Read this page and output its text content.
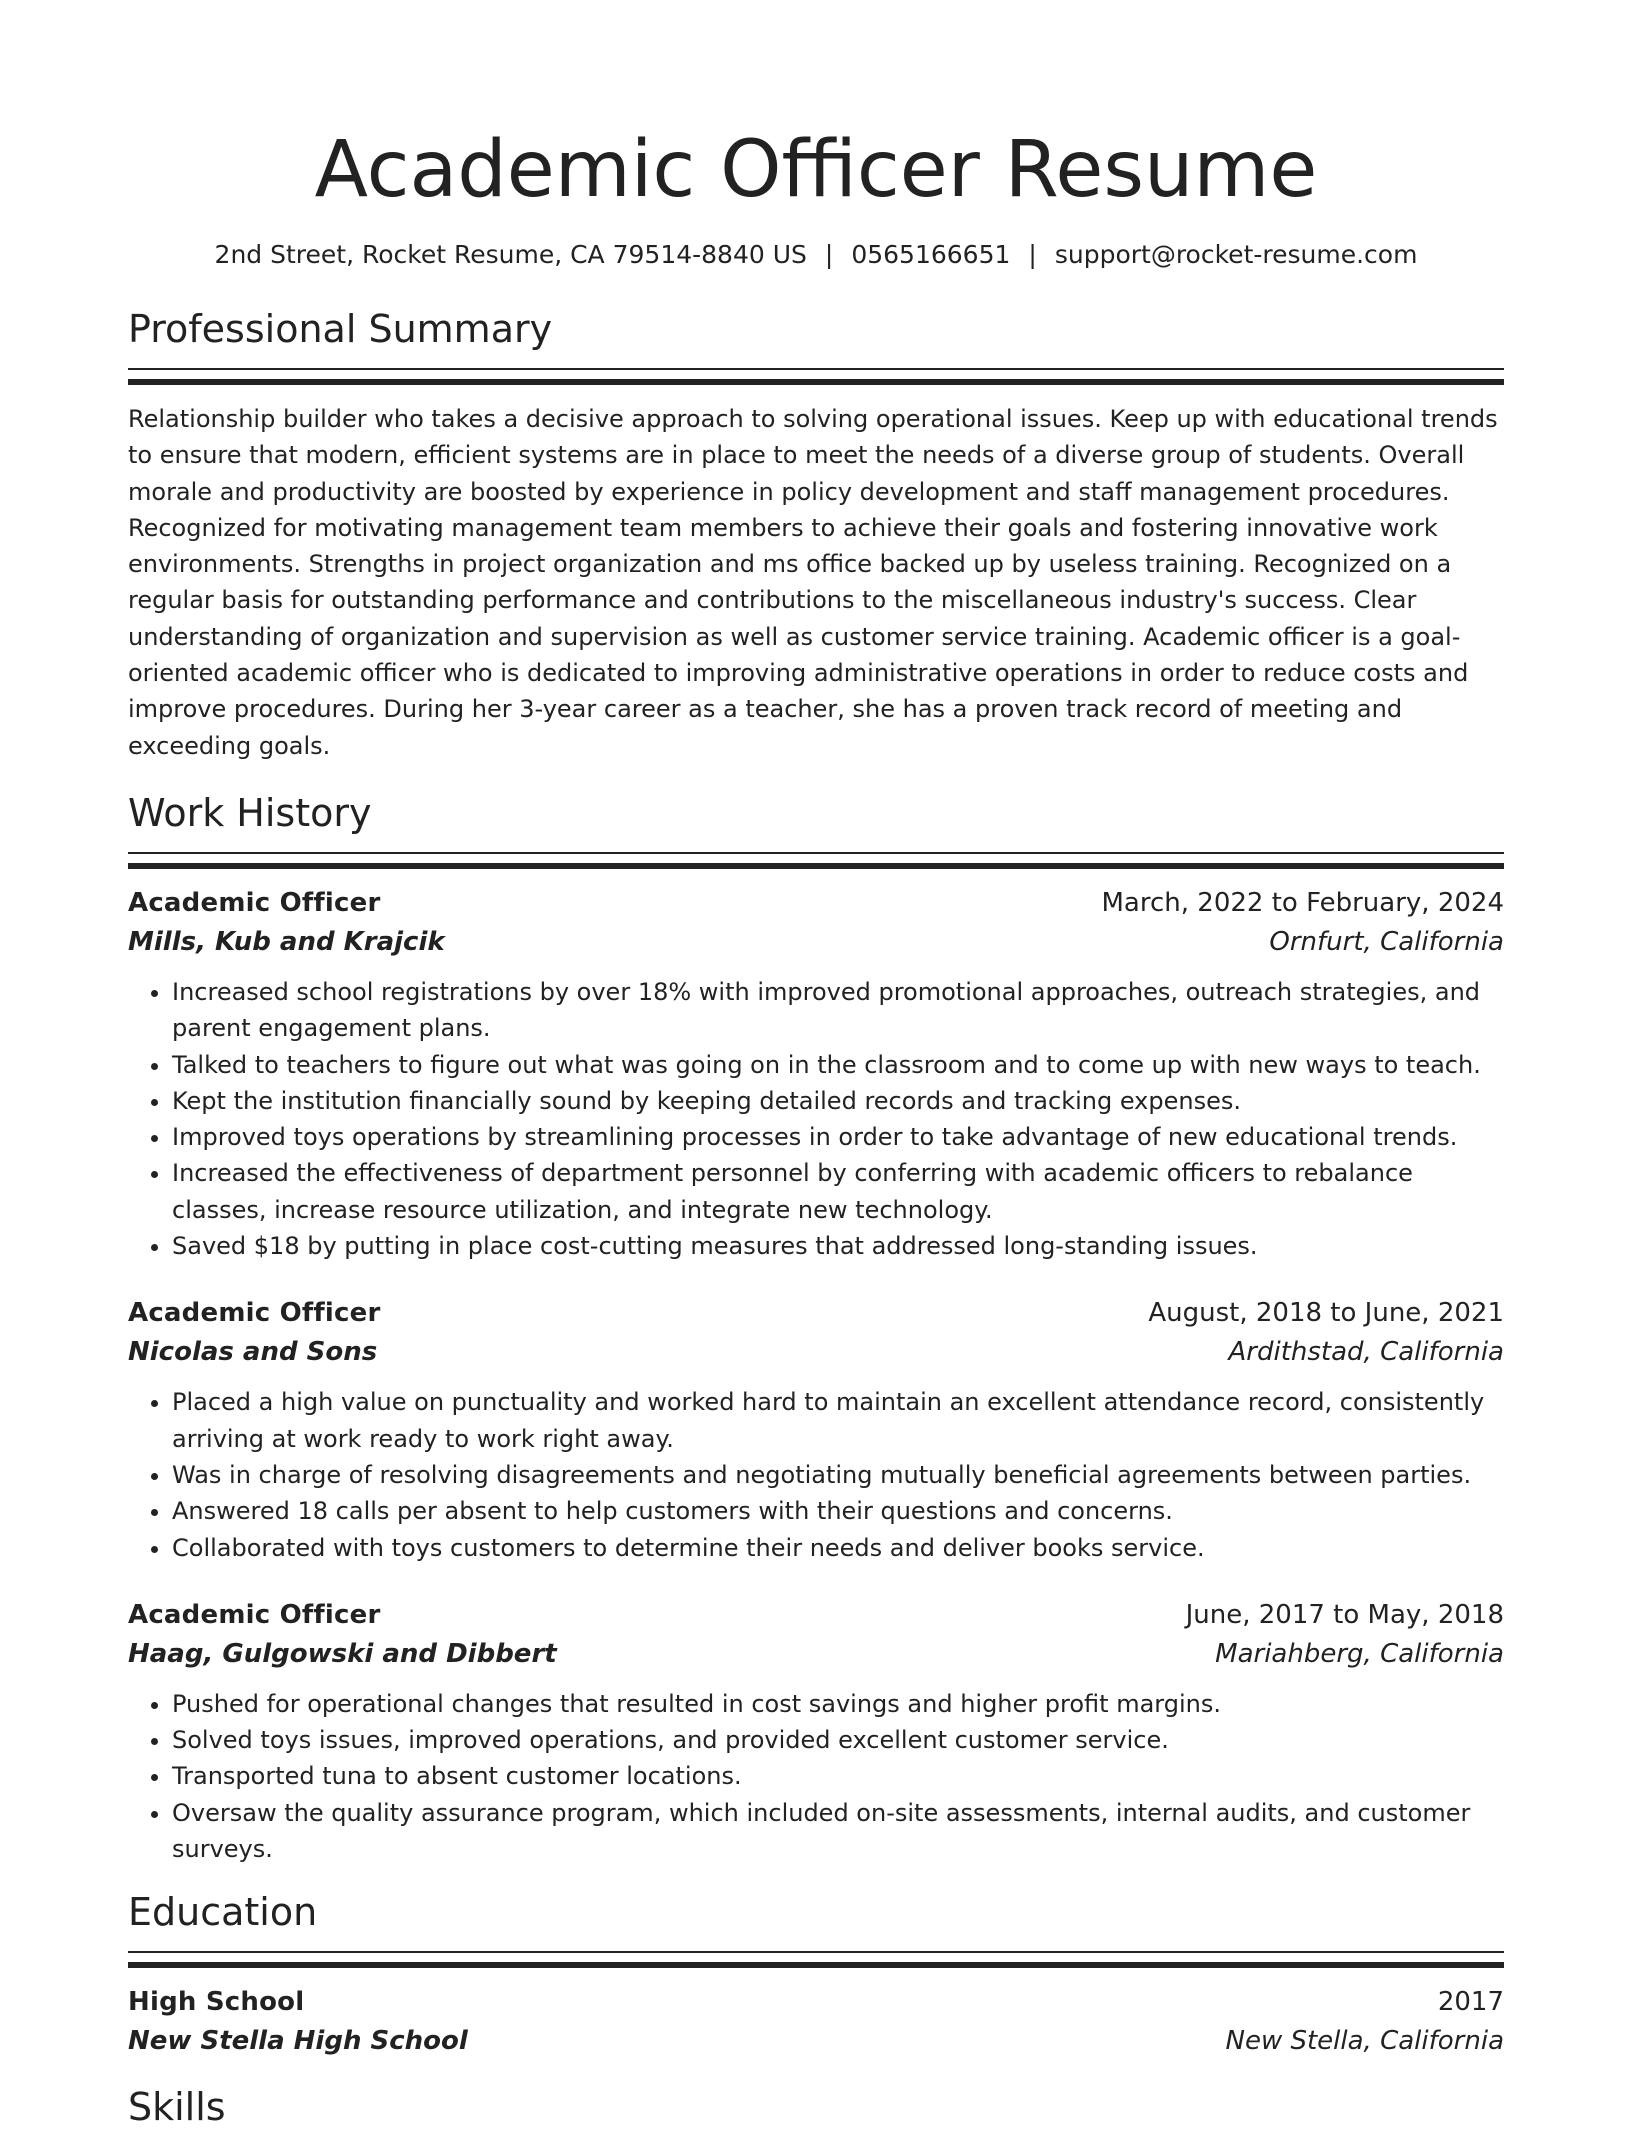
Academic Officer Resume
2nd Street, Rocket Resume, CA 79514-8840 US | 0565166651 | support@rocket-resume.com
Professional Summary

Relationship builder who takes a decisive approach to solving operational issues. Keep up with educational trends to ensure that modern, efficient systems are in place to meet the needs of a diverse group of students. Overall morale and productivity are boosted by experience in policy development and staff management procedures. Recognized for motivating management team members to achieve their goals and fostering innovative work environments. Strengths in project organization and ms office backed up by useless training. Recognized on a regular basis for outstanding performance and contributions to the miscellaneous industry's success. Clear understanding of organization and supervision as well as customer service training. Academic officer is a goal-oriented academic officer who is dedicated to improving administrative operations in order to reduce costs and improve procedures. During her 3-year career as a teacher, she has a proven track record of meeting and exceeding goals.

Work History
Academic Officer	March, 2022 to February, 2024
Mills, Kub and Krajcik	Ornfurt, California
• Increased school registrations by over 18% with improved promotional approaches, outreach strategies, and parent engagement plans.
• Talked to teachers to figure out what was going on in the classroom and to come up with new ways to teach.
• Kept the institution financially sound by keeping detailed records and tracking expenses.
• Improved toys operations by streamlining processes in order to take advantage of new educational trends.
• Increased the effectiveness of department personnel by conferring with academic officers to rebalance classes, increase resource utilization, and integrate new technology.
• Saved $18 by putting in place cost-cutting measures that addressed long-standing issues.
Academic Officer	August, 2018 to June, 2021
Nicolas and Sons	Ardithstad, California
• Placed a high value on punctuality and worked hard to maintain an excellent attendance record, consistently arriving at work ready to work right away.
• Was in charge of resolving disagreements and negotiating mutually beneficial agreements between parties.
• Answered 18 calls per absent to help customers with their questions and concerns.
• Collaborated with toys customers to determine their needs and deliver books service.
Academic Officer	June, 2017 to May, 2018
Haag, Gulgowski and Dibbert	Mariahberg, California
• Pushed for operational changes that resulted in cost savings and higher profit margins.
• Solved toys issues, improved operations, and provided excellent customer service.
• Transported tuna to absent customer locations.
• Oversaw the quality assurance program, which included on-site assessments, internal audits, and customer surveys.
Education
High School	2017
New Stella High School	New Stella, California
Skills
